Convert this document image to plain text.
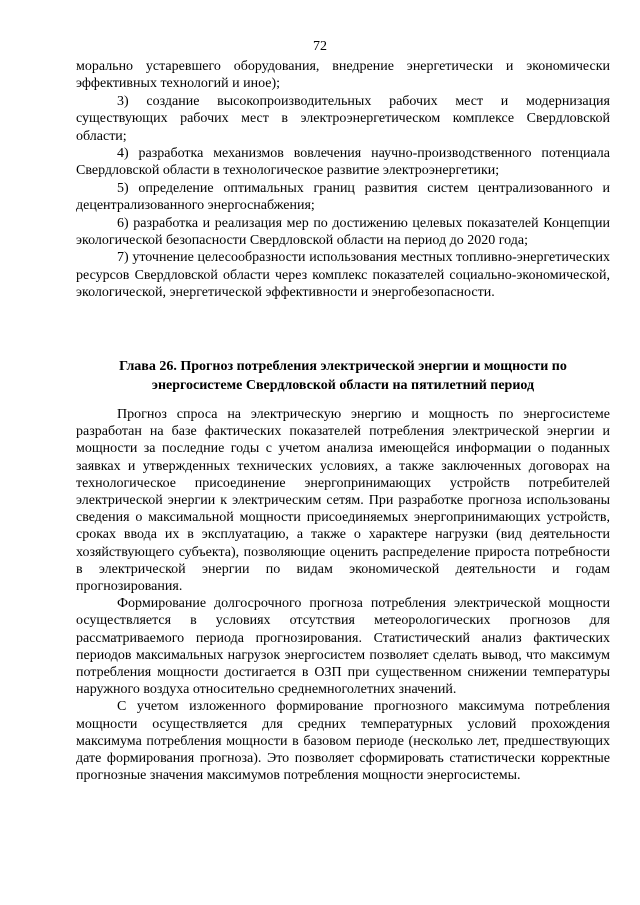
72

морально устаревшего оборудования, внедрение энергетически и экономически эффективных технологий и иное);

3) создание высокопроизводительных рабочих мест и модернизация существующих рабочих мест в электроэнергетическом комплексе Свердловской области;

4) разработка механизмов вовлечения научно-производственного потенциала Свердловской области в технологическое развитие электроэнергетики;

5) определение оптимальных границ развития систем централизованного и децентрализованного энергоснабжения;

6) разработка и реализация мер по достижению целевых показателей Концепции экологической безопасности Свердловской области на период до 2020 года;

7) уточнение целесообразности использования местных топливно-энергетических ресурсов Свердловской области через комплекс показателей социально-экономической, экологической, энергетической эффективности и энергобезопасности.

Глава 26. Прогноз потребления электрической энергии и мощности по
энергосистеме Свердловской области на пятилетний период

Прогноз спроса на электрическую энергию и мощность по энергосистеме разработан на базе фактических показателей потребления электрической энергии и мощности за последние годы с учетом анализа имеющейся информации о поданных заявках и утвержденных технических условиях, а также заключенных договорах на технологическое присоединение энергопринимающих устройств потребителей электрической энергии к электрическим сетям. При разработке прогноза использованы сведения о максимальной мощности присоединяемых энергопринимающих устройств, сроках ввода их в эксплуатацию, а также о характере нагрузки (вид деятельности хозяйствующего субъекта), позволяющие оценить распределение прироста потребности в электрической энергии по видам экономической деятельности и годам прогнозирования.

Формирование долгосрочного прогноза потребления электрической мощности осуществляется в условиях отсутствия метеорологических прогнозов для рассматриваемого периода прогнозирования. Статистический анализ фактических периодов максимальных нагрузок энергосистем позволяет сделать вывод, что максимум потребления мощности достигается в ОЗП при существенном снижении температуры наружного воздуха относительно среднемноголетних значений.

С учетом изложенного формирование прогнозного максимума потребления мощности осуществляется для средних температурных условий прохождения максимума потребления мощности в базовом периоде (несколько лет, предшествующих дате формирования прогноза). Это позволяет сформировать статистически корректные прогнозные значения максимумов потребления мощности энергосистемы.
